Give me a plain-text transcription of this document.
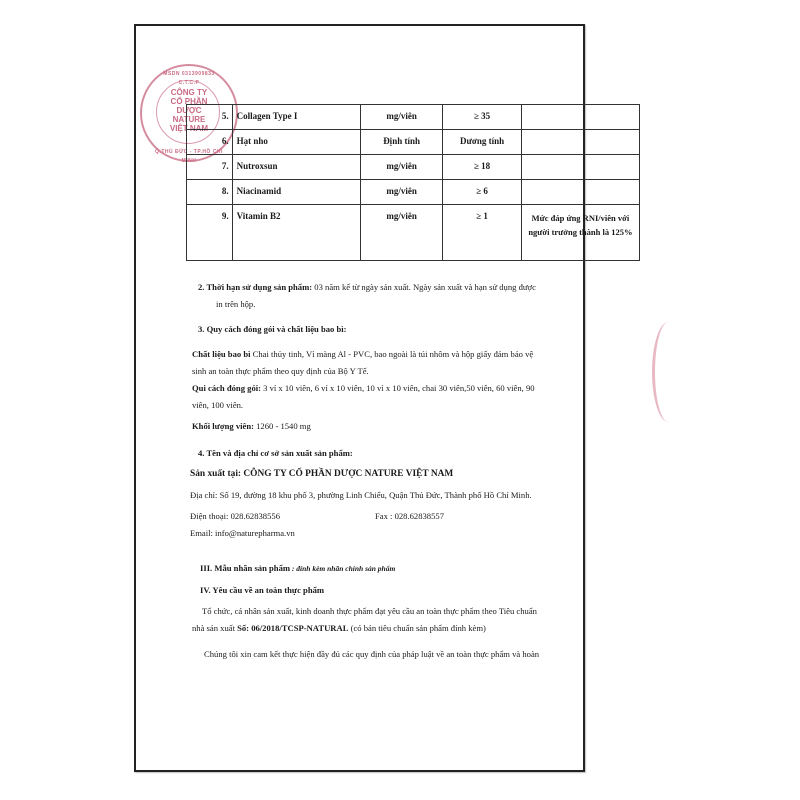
MSDN 0313909833 C.T.C.P
CÔNG TY
CỔ PHẦN
DƯỢC
NATURE
VIỆT NAM
Q.THỦ ĐỨC - TP.HỒ CHÍ MINH
5.	Collagen Type I	mg/viên	≥ 35	
6.	Hạt nho	Định tính	Dương tính	
7.	Nutroxsun	mg/viên	≥ 18	
8.	Niacinamid	mg/viên	≥ 6	
9.	Vitamin B2	mg/viên	≥ 1	Mức đáp ứng RNI/viên với người trưởng thành là 125%

2. Thời hạn sử dụng sản phẩm: 03 năm kể từ ngày sản xuất. Ngày sản xuất và hạn sử dụng được

in trên hộp.

3. Quy cách đóng gói và chất liệu bao bì:

Chất liệu bao bì Chai thủy tinh, Vỉ màng Al - PVC, bao ngoài là túi nhôm và hộp giấy đảm bảo vệ

sinh an toàn thực phẩm theo quy định của Bộ Y Tế.

Qui cách đóng gói: 3 vỉ x 10 viên, 6 vỉ x 10 viên, 10 vỉ x 10 viên, chai 30 viên,50 viên, 60 viên, 90

viên, 100 viên.

Khối lượng viên: 1260 - 1540 mg

4. Tên và địa chỉ cơ sở sản xuất sản phẩm:

Sản xuất tại: CÔNG TY CỔ PHẦN DƯỢC NATURE VIỆT NAM

Địa chỉ: Số 19, đường 18 khu phố 3, phường Linh Chiểu, Quận Thủ Đức, Thành phố Hồ Chí Minh.

Điện thoại: 028.62838556	Fax : 028.62838557

Email: info@naturepharma.vn

III. Mẫu nhãn sản phẩm : đính kèm nhãn chính sản phẩm

IV. Yêu cầu về an toàn thực phẩm

Tổ chức, cá nhân sản xuất, kinh doanh thực phẩm đạt yêu cầu an toàn thực phẩm theo Tiêu chuẩn

nhà sản xuất Số: 06/2018/TCSP-NATURAL (có bản tiêu chuẩn sản phẩm đính kèm)

Chúng tôi xin cam kết thực hiện đầy đủ các quy định của pháp luật về an toàn thực phẩm và hoàn
